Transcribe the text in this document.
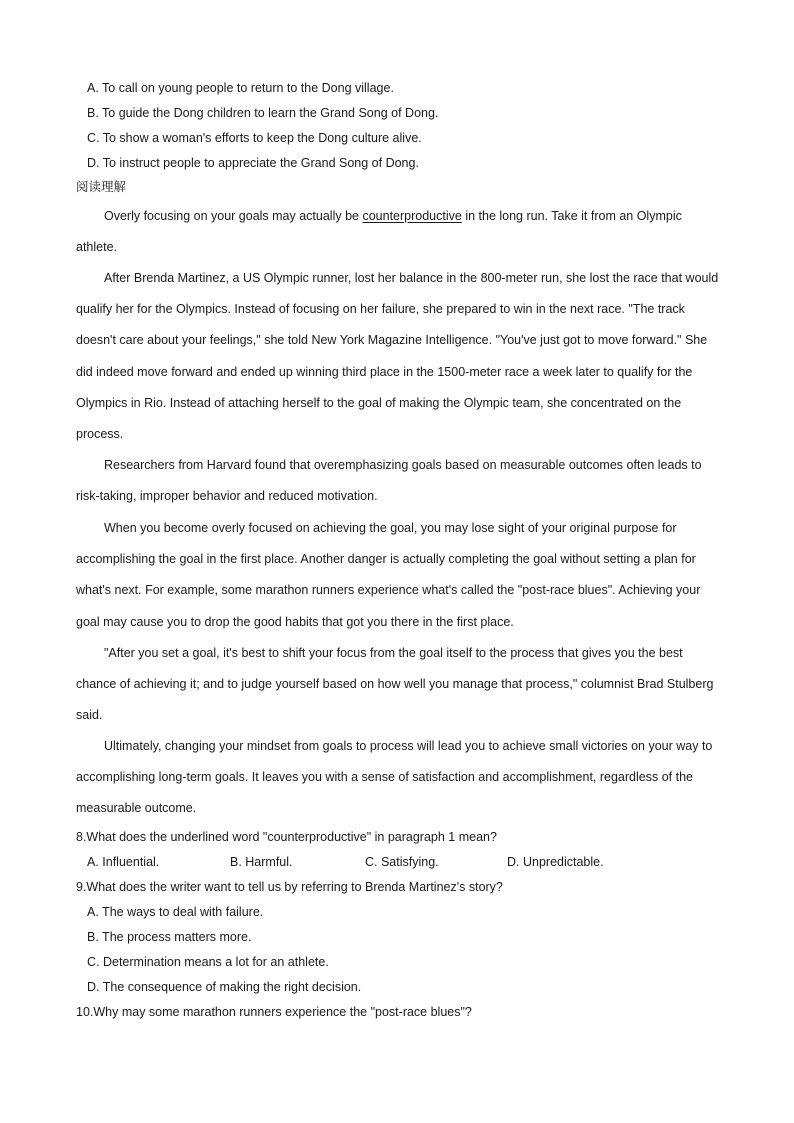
A. To call on young people to return to the Dong village.
B. To guide the Dong children to learn the Grand Song of Dong.
C. To show a woman's efforts to keep the Dong culture alive.
D. To instruct people to appreciate the Grand Song of Dong.
阅读理解

Overly focusing on your goals may actually be counterproductive in the long run. Take it from an Olympic athlete.

After Brenda Martinez, a US Olympic runner, lost her balance in the 800-meter run, she lost the race that would qualify her for the Olympics. Instead of focusing on her failure, she prepared to win in the next race. "The track doesn't care about your feelings," she told New York Magazine Intelligence. "You've just got to move forward." She did indeed move forward and ended up winning third place in the 1500-meter race a week later to qualify for the Olympics in Rio. Instead of attaching herself to the goal of making the Olympic team, she concentrated on the process.

Researchers from Harvard found that overemphasizing goals based on measurable outcomes often leads to risk-taking, improper behavior and reduced motivation.

When you become overly focused on achieving the goal, you may lose sight of your original purpose for accomplishing the goal in the first place. Another danger is actually completing the goal without setting a plan for what's next. For example, some marathon runners experience what's called the "post-race blues". Achieving your goal may cause you to drop the good habits that got you there in the first place.

"After you set a goal, it's best to shift your focus from the goal itself to the process that gives you the best chance of achieving it; and to judge yourself based on how well you manage that process," columnist Brad Stulberg said.

Ultimately, changing your mindset from goals to process will lead you to achieve small victories on your way to accomplishing long-term goals. It leaves you with a sense of satisfaction and accomplishment, regardless of the measurable outcome.

8.What does the underlined word "counterproductive" in paragraph 1 mean?
A. Influential.	B. Harmful.	C. Satisfying.	D. Unpredictable.
9.What does the writer want to tell us by referring to Brenda Martinez's story?
A. The ways to deal with failure.
B. The process matters more.
C. Determination means a lot for an athlete.
D. The consequence of making the right decision.
10.Why may some marathon runners experience the "post-race blues"?
